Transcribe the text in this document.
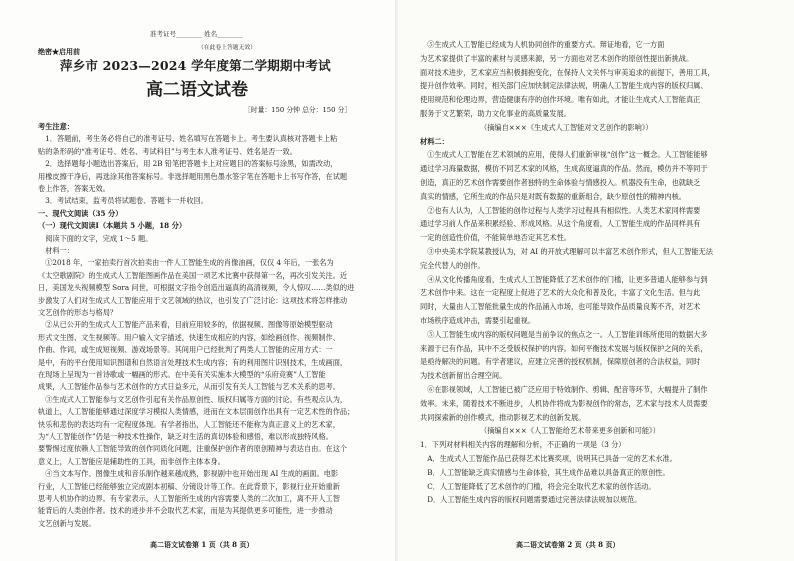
准考证号________ 姓名________
（在此卷上答题无效）
绝密★启用前
萍乡市 2023—2024 学年度第二学期期中考试
高二语文试卷
［时量：150 分钟 总分：150 分］
考生注意：
　1．答题前，考生务必将自己的准考证号、姓名填写在答题卡上。考生要认真核对答题卡上粘
贴的条形码的“准考证号、姓名、考试科目”与考生本人准考证号、姓名是否一致。
　2．选择题每小题选出答案后，用 2B 铅笔把答题卡上对应题目的答案标号涂黑，如需改动，
用橡皮擦干净后，再选涂其他答案标号。非选择题用黑色墨水签字笔在答题卡上书写作答，在试题
卷上作答，答案无效。
　3．考试结束，监考员将试题卷、答题卡一并收回。
一、现代文阅读（35 分）
（一）现代文阅读Ⅰ（本题共 5 小题，18 分）
　阅读下面的文字，完成 1～5 题。
　材料一：
　①2018 年，一家拍卖行首次拍卖由一件人工智能生成的肖像油画，仅仅 4 年后，一张名为
《太空歌剧院》的生成式人工智能图画作品在美国一项艺术比赛中获得第一名，再次引发关注。近
日，美国龙头视频模型 Sora 问世，可根据文字指令创造出逼真的高清视频，令人惊叹……类似的进
步激发了人们对生成式人工智能应用于文艺领域的热议，也引发了广泛讨论：这项技术将怎样推动
文艺创作的形态与格局？
　②从已公开的生成式人工智能产品来看，目前应用较多的，依据视频、图像等原始模型驱动
形式文生图、文生视频等。用户输入文字描述，快速生成相应的内容，如绘画创作、视频制作、
作曲、作词，或生成短视频、游戏场景等。其间用户已经批判了两类人工智能的应用方式：一
是中，有的平台使用知识图谱和自然语言处理技术生成内容；有的利用图片识别技术，生成画面，
在现场上呈现为一首诗歌或一幅画的形式。在中美有关实施本大模型的“乐府竞赛”人工智能
成果，人工智能作品参与艺术创作的方式日益多元，从而引发有关人工智能与艺术关系的思考。
　③生成式人工智能参与文艺创作引起有关作品原创性、版权归属等方面的讨论。有些观点认为，
轨道上，人工智能能够通过深度学习模拟人类情感，进而在文本层面创作出具有一定艺术性的作品；
快乐和悲伤的表达均有一定程度体现。有学者指出，人工智能还不能称为真正意义上的艺术家，
为“人工智能创作”仍是一种技术性操作，缺乏对生活的真切体验和感悟，难以形成独特风格。
要警惕过度依赖人工智能导致的创作同质化问题，注重保护创作者的原创精神与表达自由。在这个
意义上，人工智能应是辅助性的工具，而非创作主体本身。
　④当文本写作、图像生成和音乐制作越来越成熟，影视剧中也开始出现 AI 生成的画面。电影
行业，人工智能已经能够独立完成剧本初稿、分镜设计等工作。在此背景下，影视行业开始重新
思考人机协作的边界。有专家表示，人工智能所生成的内容需要人类的二次加工，离不开人工智
能背后的人类创作者。技术的进步并不会取代艺术家，而是为其提供更多可能性，进一步推动
文艺创新与发展。
高二语文试卷第 1 页（共 8 页）
　⑤生成式人工智能已经成为人机协同创作的重要方式。辩证地看，它一方面
为艺术家提供了丰富的素材与灵感来源，另一方面也对艺术创作的原创性提出新挑战。
面对技术进步，艺术家应当积极拥抱变化，在保持人文关怀与审美追求的前提下，善用工具，
提升创作效率。同时，相关部门应加快制定法律法规，明确人工智能生成内容的版权归属、
使用规范和伦理边界，营造健康有序的创作环境。唯有如此，才能让生成式人工智能真正
服务于文艺繁荣，助力文化事业的高质量发展。
（摘编自×××《生成式人工智能对文艺创作的影响》）
材料二：
　①生成式人工智能在艺术领域的应用，使得人们重新审视“创作”这一概念。人工智能能够
通过学习海量数据，模仿不同艺术家的风格，生成高度逼真的作品。然而，模仿并不等同于
创造，真正的艺术创作需要创作者独特的生命体验与情感投入。机器没有生命，也就缺乏
真实的情感，它所生成的作品只是对既有数据的重新组合，缺少原创性的精神内核。
　②也有人认为，人工智能的创作过程与人类学习过程具有相似性。人类艺术家同样需要
通过学习前人作品来积累经验、形成风格。从这个角度看，人工智能生成的作品同样具有
一定的创造性价值，不能简单地否定其艺术性。
　③中央美术学院某教授认为，对 AI 的开放式理解可以丰富艺术创作形式，但人工智能无法
完全代替人的创作。
　④从文化传播角度看，生成式人工智能降低了艺术创作的门槛，让更多普通人能够参与到
艺术创作中来。这在一定程度上促进了艺术的大众化和普及化，丰富了文化生活。但与此
同时，大量由人工智能批量生成的作品涌入市场，也可能导致作品质量良莠不齐，对艺术
市场秩序造成冲击，需要引起重视。
　⑤人工智能生成内容的版权问题是当前争议的焦点之一。人工智能训练所使用的数据大多
来源于已有作品，其中不乏受版权保护的内容。如何平衡技术发展与版权保护之间的关系，
是亟待解决的问题。有学者建议，应建立完善的授权机制，保障原创者的合法权益，同时
为技术创新留出合理空间。
　⑥在影视领域，人工智能已被广泛应用于特效制作、剪辑、配音等环节，大幅提升了制作
效率。未来，随着技术不断进步，人机协作将成为影视创作的常态，艺术家与技术人员需要
共同探索新的创作模式，推动影视艺术的创新发展。
（摘编自×××《人工智能给艺术带来更多创新和可能》）
1．下列对材料相关内容的理解和分析，不正确的一项是（3 分）
　A．生成式人工智能作品已获得艺术比赛奖项，说明其已具备一定的艺术水准。
　B．人工智能缺乏真实情感与生命体验，其生成作品难以具备真正的原创性。
　C．人工智能降低了艺术创作的门槛，将会完全取代艺术家的创作活动。
　D．人工智能生成内容的版权问题需要通过完善法律法规加以规范。
高二语文试卷第 2 页（共 8 页）
